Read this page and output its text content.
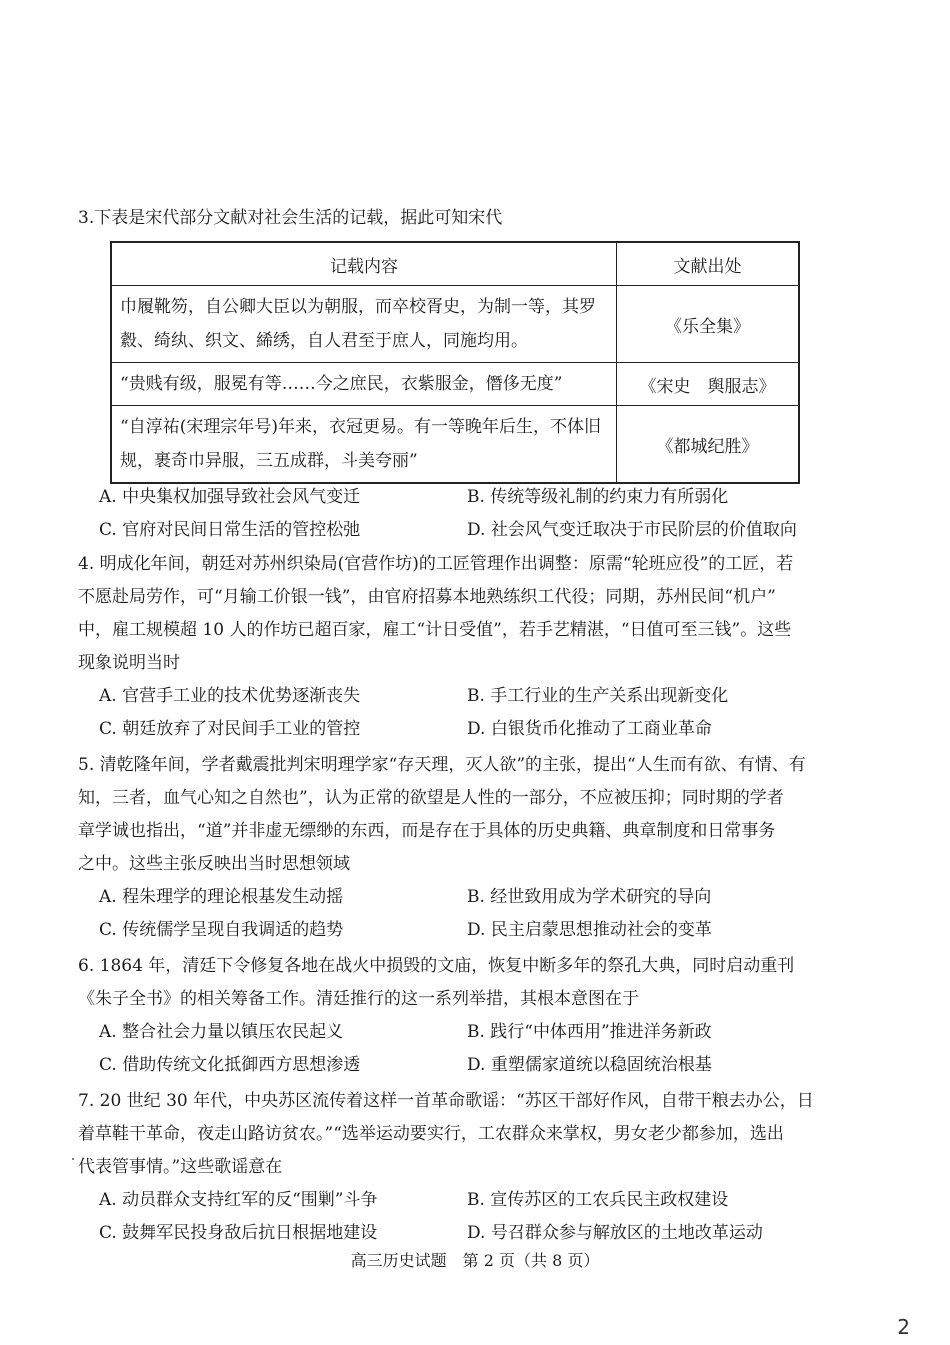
3.下表是宋代部分文献对社会生活的记载，据此可知宋代

记载内容	文献出处
巾履靴笏，自公卿大臣以为朝服，而卒校胥史，为制一等，其罗縠、绮纨、织文、絺绣，自人君至于庶人，同施均用。	《乐全集》
“贵贱有级，服冕有等……今之庶民，衣紫服金，僭侈无度”	《宋史　舆服志》
“自淳祐(宋理宗年号)年来，衣冠更易。有一等晚年后生，不体旧规，裹奇巾异服，三五成群，斗美夸丽”	《都城纪胜》
A. 中央集权加强导致社会风气变迁	B. 传统等级礼制的约束力有所弱化
C. 官府对民间日常生活的管控松弛	D. 社会风气变迁取决于市民阶层的价值取向

4. 明成化年间，朝廷对苏州织染局(官营作坊)的工匠管理作出调整：原需“轮班应役”的工匠，若

不愿赴局劳作，可“月输工价银一钱”，由官府招募本地熟练织工代役；同期，苏州民间“机户”

中，雇工规模超 10 人的作坊已超百家，雇工“计日受值”，若手艺精湛，“日值可至三钱”。这些

现象说明当时

A. 官营手工业的技术优势逐渐丧失	B. 手工行业的生产关系出现新变化
C. 朝廷放弃了对民间手工业的管控	D. 白银货币化推动了工商业革命

5. 清乾隆年间，学者戴震批判宋明理学家“存天理，灭人欲”的主张，提出“人生而有欲、有情、有

知，三者，血气心知之自然也”，认为正常的欲望是人性的一部分，不应被压抑；同时期的学者

章学诚也指出，“道”并非虚无缥缈的东西，而是存在于具体的历史典籍、典章制度和日常事务

之中。这些主张反映出当时思想领域

A. 程朱理学的理论根基发生动摇	B. 经世致用成为学术研究的导向
C. 传统儒学呈现自我调适的趋势	D. 民主启蒙思想推动社会的变革

6. 1864 年，清廷下令修复各地在战火中损毁的文庙，恢复中断多年的祭孔大典，同时启动重刊

《朱子全书》的相关筹备工作。清廷推行的这一系列举措，其根本意图在于

A. 整合社会力量以镇压农民起义	B. 践行“中体西用”推进洋务新政
C. 借助传统文化抵御西方思想渗透	D. 重塑儒家道统以稳固统治根基

7. 20 世纪 30 年代，中央苏区流传着这样一首革命歌谣：“苏区干部好作风，自带干粮去办公，日

着草鞋干革命，夜走山路访贫农。”“选举运动要实行，工农群众来掌权，男女老少都参加，选出

代表管事情。”这些歌谣意在

A. 动员群众支持红军的反“围剿”斗争	B. 宣传苏区的工农兵民主政权建设
C. 鼓舞军民投身敌后抗日根据地建设	D. 号召群众参与解放区的土地改革运动
高三历史试题　第 2 页（共 8 页）
2
